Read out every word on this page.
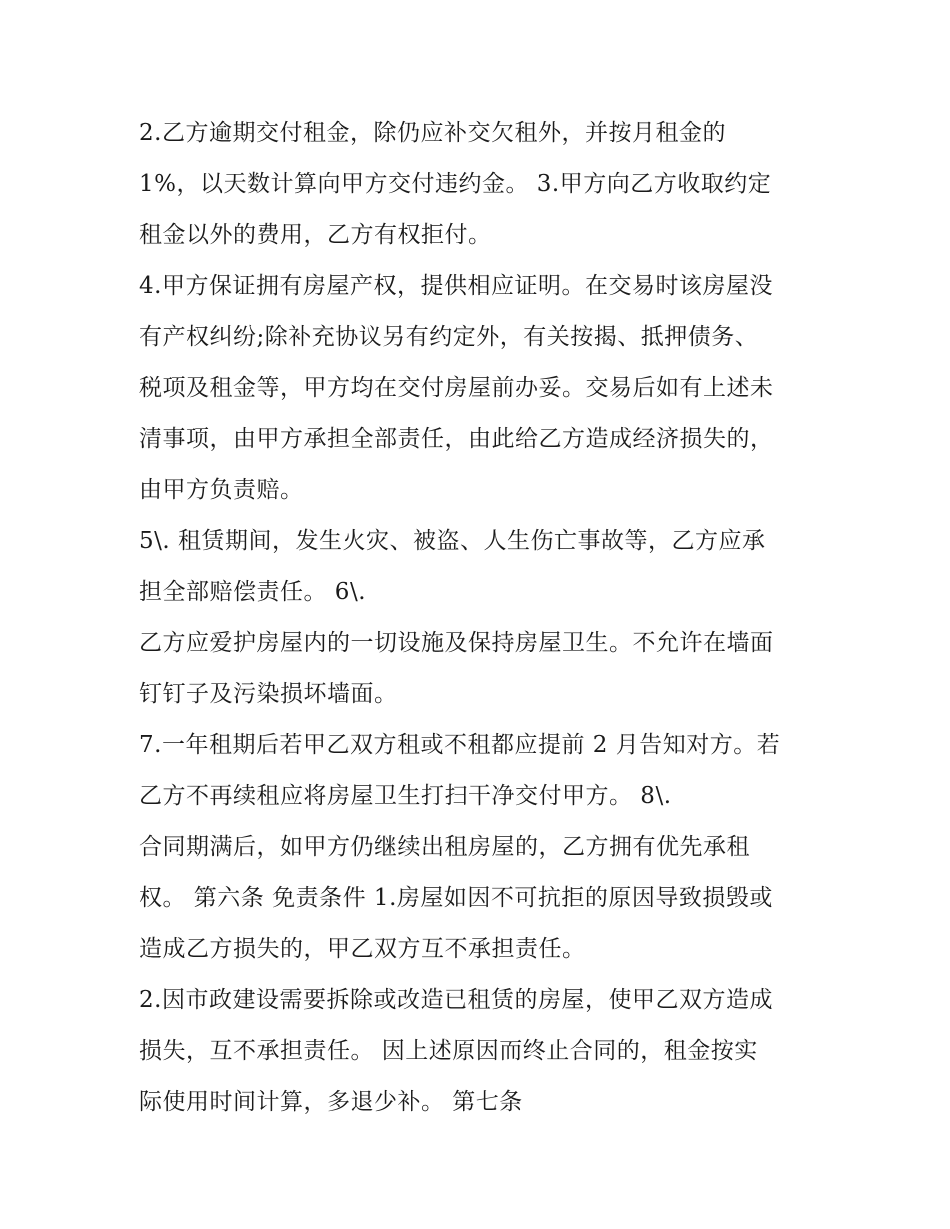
2.乙方逾期交付租金，除仍应补交欠租外，并按月租金的
1%，以天数计算向甲方交付违约金。 3.甲方向乙方收取约定
租金以外的费用，乙方有权拒付。
4.甲方保证拥有房屋产权，提供相应证明。在交易时该房屋没
有产权纠纷;除补充协议另有约定外，有关按揭、抵押债务、
税项及租金等，甲方均在交付房屋前办妥。交易后如有上述未
清事项，由甲方承担全部责任，由此给乙方造成经济损失的，
由甲方负责赔。
5\. 租赁期间，发生火灾、被盗、人生伤亡事故等，乙方应承
担全部赔偿责任。 6\.
乙方应爱护房屋内的一切设施及保持房屋卫生。不允许在墙面
钉钉子及污染损坏墙面。
7.一年租期后若甲乙双方租或不租都应提前 2 月告知对方。若
乙方不再续租应将房屋卫生打扫干净交付甲方。 8\.
合同期满后，如甲方仍继续出租房屋的，乙方拥有优先承租
权。 第六条 免责条件 1.房屋如因不可抗拒的原因导致损毁或
造成乙方损失的，甲乙双方互不承担责任。
2.因市政建设需要拆除或改造已租赁的房屋，使甲乙双方造成
损失，互不承担责任。 因上述原因而终止合同的，租金按实
际使用时间计算，多退少补。 第七条
